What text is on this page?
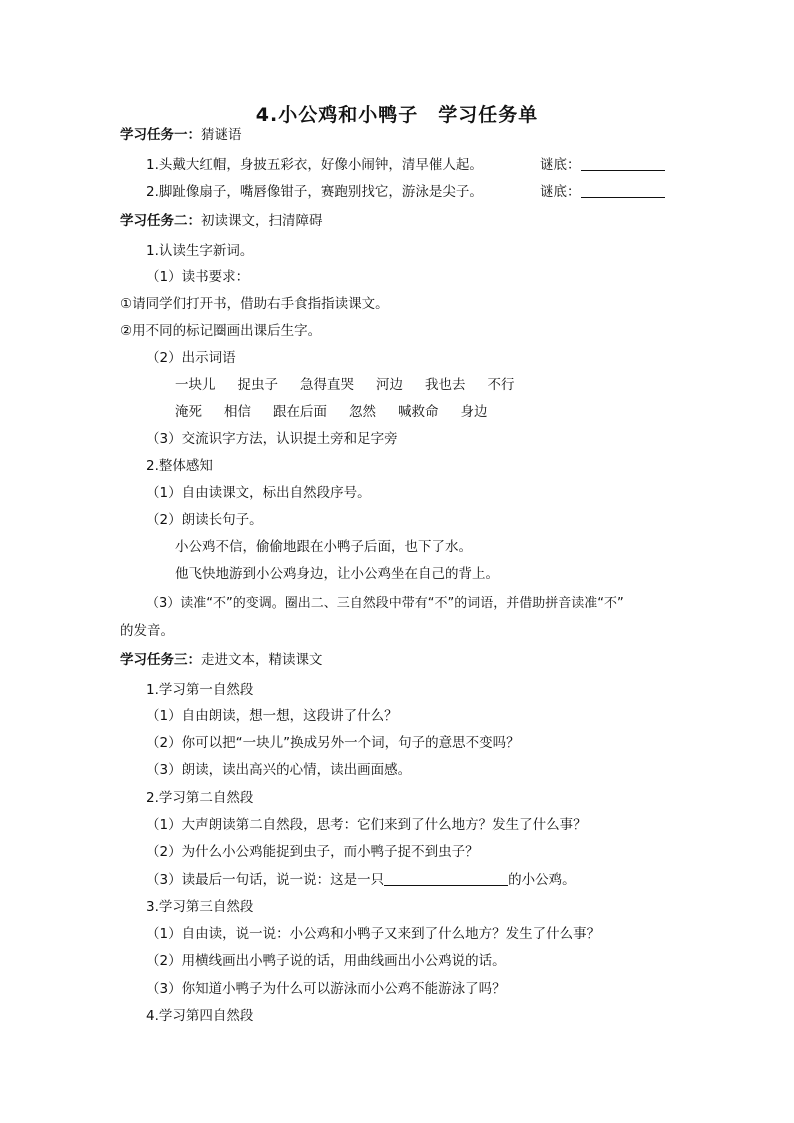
4.小公鸡和小鸭子　学习任务单
学习任务一：猜谜语
1.头戴大红帽，身披五彩衣，好像小闹钟，清早催人起。	谜底：
2.脚趾像扇子，嘴唇像钳子，赛跑别找它，游泳是尖子。	谜底：
学习任务二：初读课文，扫清障碍
1.认读生字新词。
（1）读书要求：
①请同学们打开书，借助右手食指指读课文。
②用不同的标记圈画出课后生字。
（2）出示词语
一块儿 捉虫子 急得直哭 河边 我也去 不行
淹死 相信 跟在后面 忽然 喊救命 身边
（3）交流识字方法，认识提土旁和足字旁
2.整体感知
（1）自由读课文，标出自然段序号。
（2）朗读长句子。
小公鸡不信，偷偷地跟在小鸭子后面，也下了水。
他飞快地游到小公鸡身边，让小公鸡坐在自己的背上。
（3）读准“不”的变调。圈出二、三自然段中带有“不”的词语，并借助拼音读准“不”
的发音。
学习任务三：走进文本，精读课文
1.学习第一自然段
（1）自由朗读，想一想，这段讲了什么？
（2）你可以把“一块儿”换成另外一个词，句子的意思不变吗？
（3）朗读，读出高兴的心情，读出画面感。
2.学习第二自然段
（1）大声朗读第二自然段，思考：它们来到了什么地方？发生了什么事？
（2）为什么小公鸡能捉到虫子，而小鸭子捉不到虫子？
（3）读最后一句话，说一说：这是一只	的小公鸡。
3.学习第三自然段
（1）自由读，说一说：小公鸡和小鸭子又来到了什么地方？发生了什么事？
（2）用横线画出小鸭子说的话，用曲线画出小公鸡说的话。
（3）你知道小鸭子为什么可以游泳而小公鸡不能游泳了吗？
4.学习第四自然段
